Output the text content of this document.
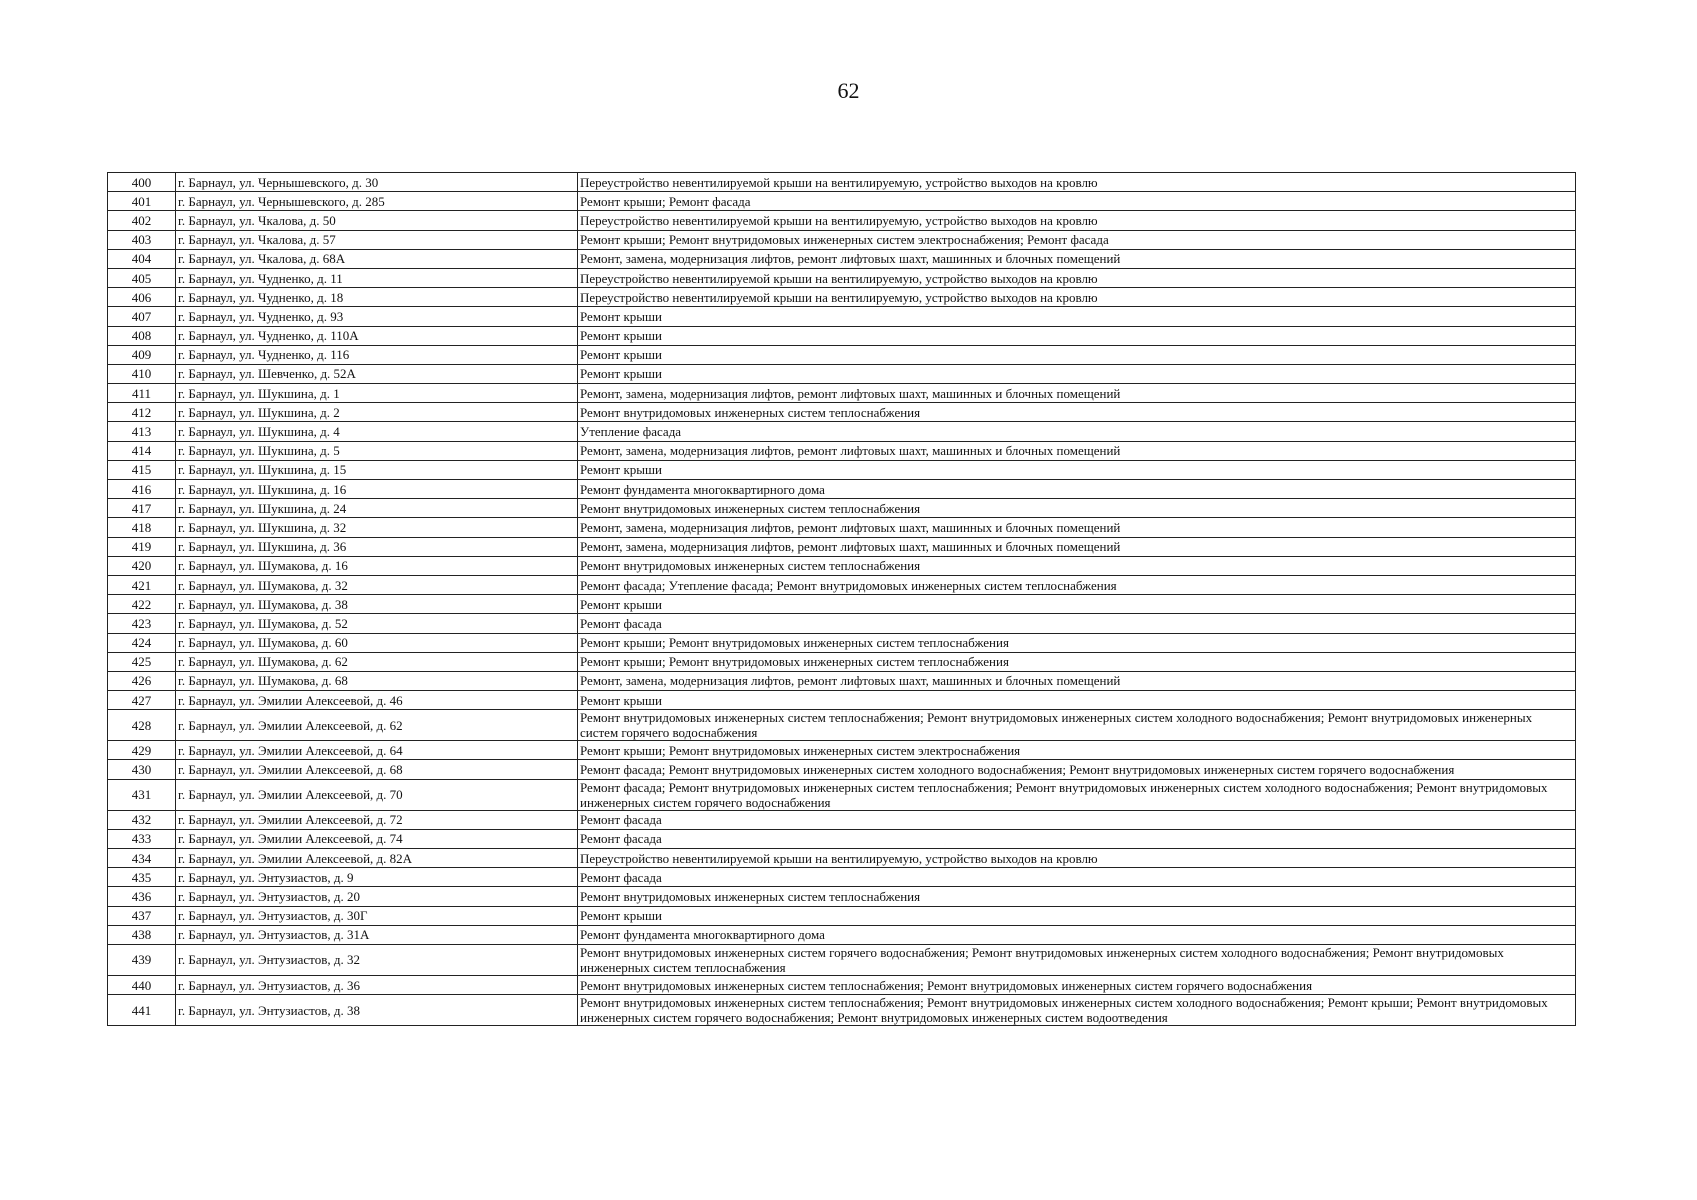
62
400	г. Барнаул, ул. Чернышевского, д. 30	Переустройство невентилируемой крыши на вентилируемую, устройство выходов на кровлю
401	г. Барнаул, ул. Чернышевского, д. 285	Ремонт крыши; Ремонт фасада
402	г. Барнаул, ул. Чкалова, д. 50	Переустройство невентилируемой крыши на вентилируемую, устройство выходов на кровлю
403	г. Барнаул, ул. Чкалова, д. 57	Ремонт крыши; Ремонт внутридомовых инженерных систем электроснабжения; Ремонт фасада
404	г. Барнаул, ул. Чкалова, д. 68А	Ремонт, замена, модернизация лифтов, ремонт лифтовых шахт, машинных и блочных помещений
405	г. Барнаул, ул. Чудненко, д. 11	Переустройство невентилируемой крыши на вентилируемую, устройство выходов на кровлю
406	г. Барнаул, ул. Чудненко, д. 18	Переустройство невентилируемой крыши на вентилируемую, устройство выходов на кровлю
407	г. Барнаул, ул. Чудненко, д. 93	Ремонт крыши
408	г. Барнаул, ул. Чудненко, д. 110А	Ремонт крыши
409	г. Барнаул, ул. Чудненко, д. 116	Ремонт крыши
410	г. Барнаул, ул. Шевченко, д. 52А	Ремонт крыши
411	г. Барнаул, ул. Шукшина, д. 1	Ремонт, замена, модернизация лифтов, ремонт лифтовых шахт, машинных и блочных помещений
412	г. Барнаул, ул. Шукшина, д. 2	Ремонт внутридомовых инженерных систем теплоснабжения
413	г. Барнаул, ул. Шукшина, д. 4	Утепление фасада
414	г. Барнаул, ул. Шукшина, д. 5	Ремонт, замена, модернизация лифтов, ремонт лифтовых шахт, машинных и блочных помещений
415	г. Барнаул, ул. Шукшина, д. 15	Ремонт крыши
416	г. Барнаул, ул. Шукшина, д. 16	Ремонт фундамента многоквартирного дома
417	г. Барнаул, ул. Шукшина, д. 24	Ремонт внутридомовых инженерных систем теплоснабжения
418	г. Барнаул, ул. Шукшина, д. 32	Ремонт, замена, модернизация лифтов, ремонт лифтовых шахт, машинных и блочных помещений
419	г. Барнаул, ул. Шукшина, д. 36	Ремонт, замена, модернизация лифтов, ремонт лифтовых шахт, машинных и блочных помещений
420	г. Барнаул, ул. Шумакова, д. 16	Ремонт внутридомовых инженерных систем теплоснабжения
421	г. Барнаул, ул. Шумакова, д. 32	Ремонт фасада; Утепление фасада; Ремонт внутридомовых инженерных систем теплоснабжения
422	г. Барнаул, ул. Шумакова, д. 38	Ремонт крыши
423	г. Барнаул, ул. Шумакова, д. 52	Ремонт фасада
424	г. Барнаул, ул. Шумакова, д. 60	Ремонт крыши; Ремонт внутридомовых инженерных систем теплоснабжения
425	г. Барнаул, ул. Шумакова, д. 62	Ремонт крыши; Ремонт внутридомовых инженерных систем теплоснабжения
426	г. Барнаул, ул. Шумакова, д. 68	Ремонт, замена, модернизация лифтов, ремонт лифтовых шахт, машинных и блочных помещений
427	г. Барнаул, ул. Эмилии Алексеевой, д. 46	Ремонт крыши
428	г. Барнаул, ул. Эмилии Алексеевой, д. 62	Ремонт внутридомовых инженерных систем теплоснабжения; Ремонт внутридомовых инженерных систем холодного водоснабжения; Ремонт внутридомовых инженерных систем горячего водоснабжения
429	г. Барнаул, ул. Эмилии Алексеевой, д. 64	Ремонт крыши; Ремонт внутридомовых инженерных систем электроснабжения
430	г. Барнаул, ул. Эмилии Алексеевой, д. 68	Ремонт фасада; Ремонт внутридомовых инженерных систем холодного водоснабжения; Ремонт внутридомовых инженерных систем горячего водоснабжения
431	г. Барнаул, ул. Эмилии Алексеевой, д. 70	Ремонт фасада; Ремонт внутридомовых инженерных систем теплоснабжения; Ремонт внутридомовых инженерных систем холодного водоснабжения; Ремонт внутридомовых инженерных систем горячего водоснабжения
432	г. Барнаул, ул. Эмилии Алексеевой, д. 72	Ремонт фасада
433	г. Барнаул, ул. Эмилии Алексеевой, д. 74	Ремонт фасада
434	г. Барнаул, ул. Эмилии Алексеевой, д. 82А	Переустройство невентилируемой крыши на вентилируемую, устройство выходов на кровлю
435	г. Барнаул, ул. Энтузиастов, д. 9	Ремонт фасада
436	г. Барнаул, ул. Энтузиастов, д. 20	Ремонт внутридомовых инженерных систем теплоснабжения
437	г. Барнаул, ул. Энтузиастов, д. 30Г	Ремонт крыши
438	г. Барнаул, ул. Энтузиастов, д. 31А	Ремонт фундамента многоквартирного дома
439	г. Барнаул, ул. Энтузиастов, д. 32	Ремонт внутридомовых инженерных систем горячего водоснабжения; Ремонт внутридомовых инженерных систем холодного водоснабжения; Ремонт внутридомовых инженерных систем теплоснабжения
440	г. Барнаул, ул. Энтузиастов, д. 36	Ремонт внутридомовых инженерных систем теплоснабжения; Ремонт внутридомовых инженерных систем горячего водоснабжения
441	г. Барнаул, ул. Энтузиастов, д. 38	Ремонт внутридомовых инженерных систем теплоснабжения; Ремонт внутридомовых инженерных систем холодного водоснабжения; Ремонт крыши; Ремонт внутридомовых инженерных систем горячего водоснабжения; Ремонт внутридомовых инженерных систем водоотведения
